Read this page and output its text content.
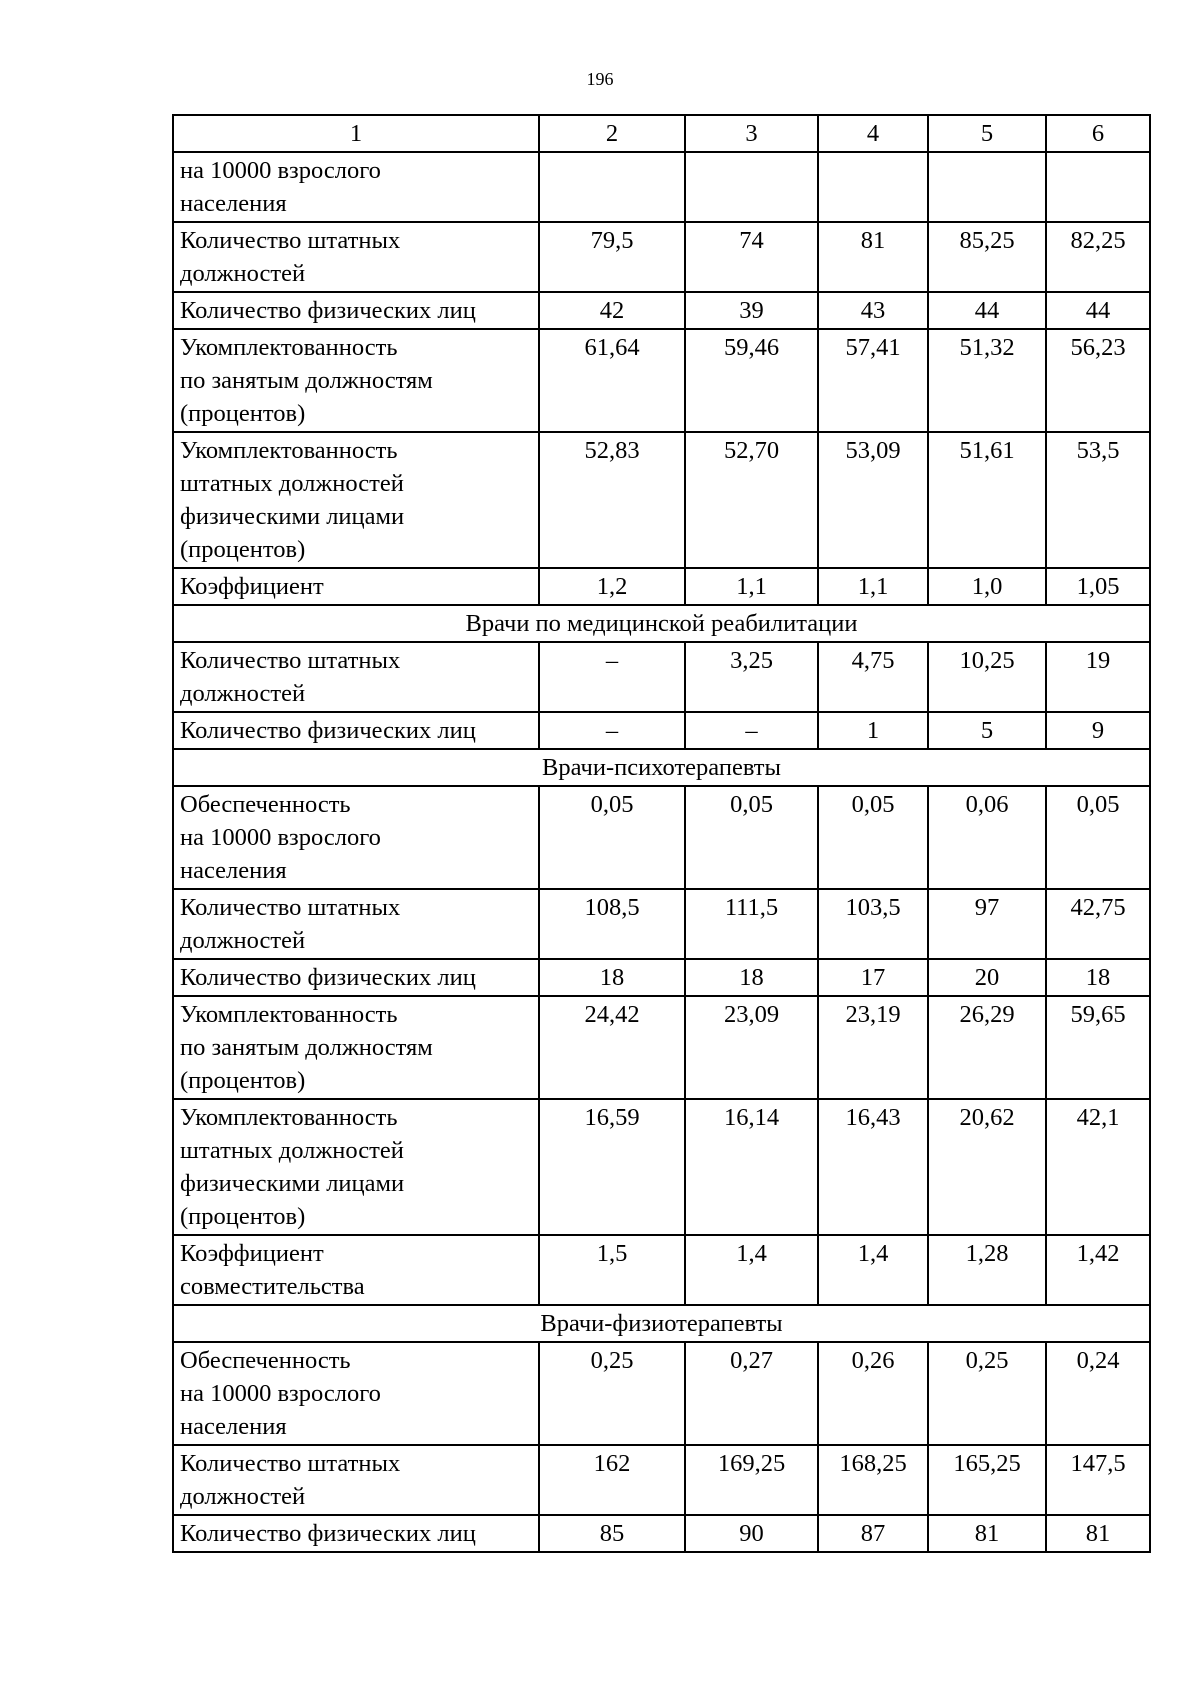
196
1	2	3	4	5	6
на 10000 взрослого
населения					
Количество штатных
должностей	79,5	74	81	85,25	82,25
Количество физических лиц	42	39	43	44	44
Укомплектованность
по занятым должностям
(процентов)	61,64	59,46	57,41	51,32	56,23
Укомплектованность
штатных должностей
физическими лицами
(процентов)	52,83	52,70	53,09	51,61	53,5
Коэффициент	1,2	1,1	1,1	1,0	1,05
Врачи по медицинской реабилитации					
Количество штатных
должностей	–	3,25	4,75	10,25	19
Количество физических лиц	–	–	1	5	9
Врачи-психотерапевты					
Обеспеченность
на 10000 взрослого
населения	0,05	0,05	0,05	0,06	0,05
Количество штатных
должностей	108,5	111,5	103,5	97	42,75
Количество физических лиц	18	18	17	20	18
Укомплектованность
по занятым должностям
(процентов)	24,42	23,09	23,19	26,29	59,65
Укомплектованность
штатных должностей
физическими лицами
(процентов)	16,59	16,14	16,43	20,62	42,1
Коэффициент
совместительства	1,5	1,4	1,4	1,28	1,42
Врачи-физиотерапевты					
Обеспеченность
на 10000 взрослого
населения	0,25	0,27	0,26	0,25	0,24
Количество штатных
должностей	162	169,25	168,25	165,25	147,5
Количество физических лиц	85	90	87	81	81
